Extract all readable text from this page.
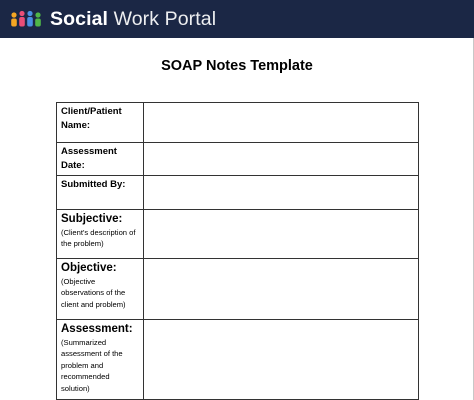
Social Work Portal
SOAP Notes Template
Client/Patient Name:	

Assessment Date:	

Submitted By:	

Subjective:
(Client's description of the problem)	

Objective:
(Objective observations of the client and problem)	

Assessment:
(Summarized assessment of the problem and recommended solution)	
